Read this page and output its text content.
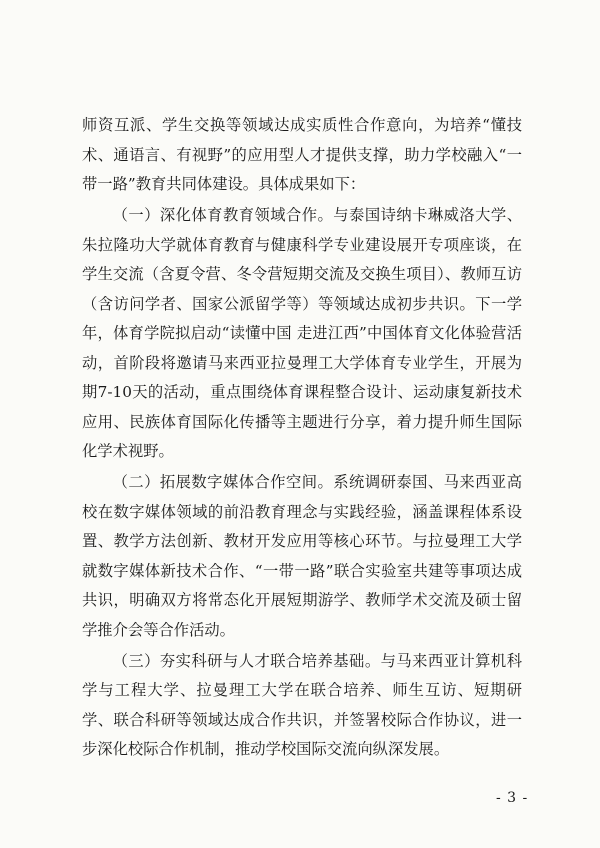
师资互派、学生交换等领域达成实质性合作意向，为培养“懂技术、通语言、有视野”的应用型人才提供支撑，助力学校融入“一带一路”教育共同体建设。具体成果如下：

（一）深化体育教育领域合作。与泰国诗纳卡琳威洛大学、朱拉隆功大学就体育教育与健康科学专业建设展开专项座谈，在学生交流（含夏令营、冬令营短期交流及交换生项目）、教师互访（含访问学者、国家公派留学等）等领域达成初步共识。下一学年，体育学院拟启动“读懂中国 走进江西”中国体育文化体验营活动，首阶段将邀请马来西亚拉曼理工大学体育专业学生，开展为期7-10天的活动，重点围绕体育课程整合设计、运动康复新技术应用、民族体育国际化传播等主题进行分享，着力提升师生国际化学术视野。

（二）拓展数字媒体合作空间。系统调研泰国、马来西亚高校在数字媒体领域的前沿教育理念与实践经验，涵盖课程体系设置、教学方法创新、教材开发应用等核心环节。与拉曼理工大学就数字媒体新技术合作、“一带一路”联合实验室共建等事项达成共识，明确双方将常态化开展短期游学、教师学术交流及硕士留学推介会等合作活动。

（三）夯实科研与人才联合培养基础。与马来西亚计算机科学与工程大学、拉曼理工大学在联合培养、师生互访、短期研学、联合科研等领域达成合作共识，并签署校际合作协议，进一步深化校际合作机制，推动学校国际交流向纵深发展。

- 3 -
